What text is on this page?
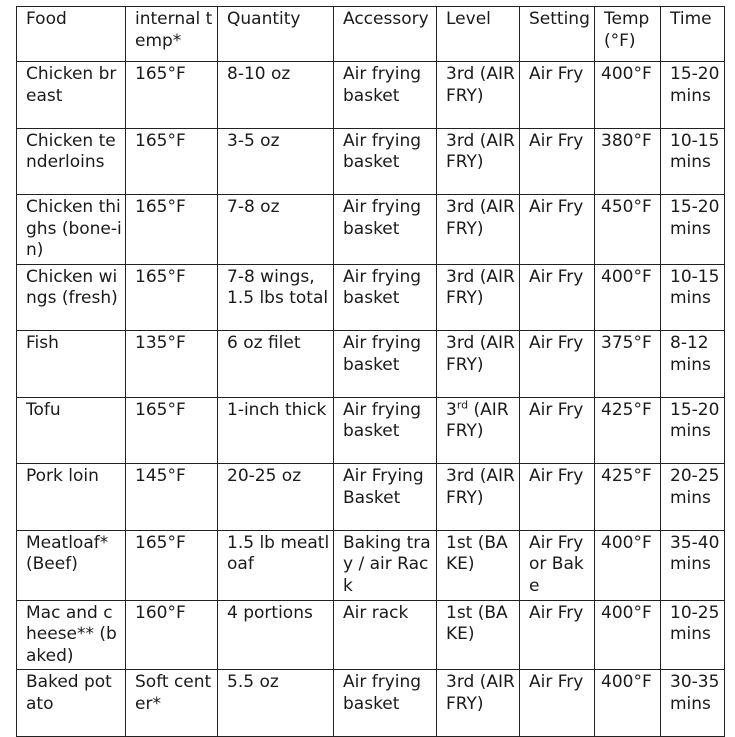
Food	internal temp*	Quantity	Accessory	Level	Setting	Temp (°F)	Time
Chicken breast	165°F	8-10 oz	Air frying basket	3rd (AIR FRY)	Air Fry	400°F	15-20 mins
Chicken tenderloins	165°F	3-5 oz	Air frying basket	3rd (AIR FRY)	Air Fry	380°F	10-15 mins
Chicken thighs (bone-in)	165°F	7-8 oz	Air frying basket	3rd (AIR FRY)	Air Fry	450°F	15-20 mins
Chicken wings (fresh)	165°F	7-8 wings, 1.5 lbs total	Air frying basket	3rd (AIR FRY)	Air Fry	400°F	10-15 mins
Fish	135°F	6 oz filet	Air frying basket	3rd (AIR FRY)	Air Fry	375°F	8-12 mins
Tofu	165°F	1-inch thick	Air frying basket	3rd (AIR FRY)	Air Fry	425°F	15-20 mins
Pork loin	145°F	20-25 oz	Air Frying Basket	3rd (AIR FRY)	Air Fry	425°F	20-25 mins
Meatloaf* (Beef)	165°F	1.5 lb meatloaf	Baking tray / air Rack	1st (BAKE)	Air Fry or Bake	400°F	35-40 mins
Mac and cheese** (baked)	160°F	4 portions	Air rack	1st (BAKE)	Air Fry	400°F	10-25 mins
Baked potato	Soft center*	5.5 oz	Air frying basket	3rd (AIR FRY)	Air Fry	400°F	30-35 mins
